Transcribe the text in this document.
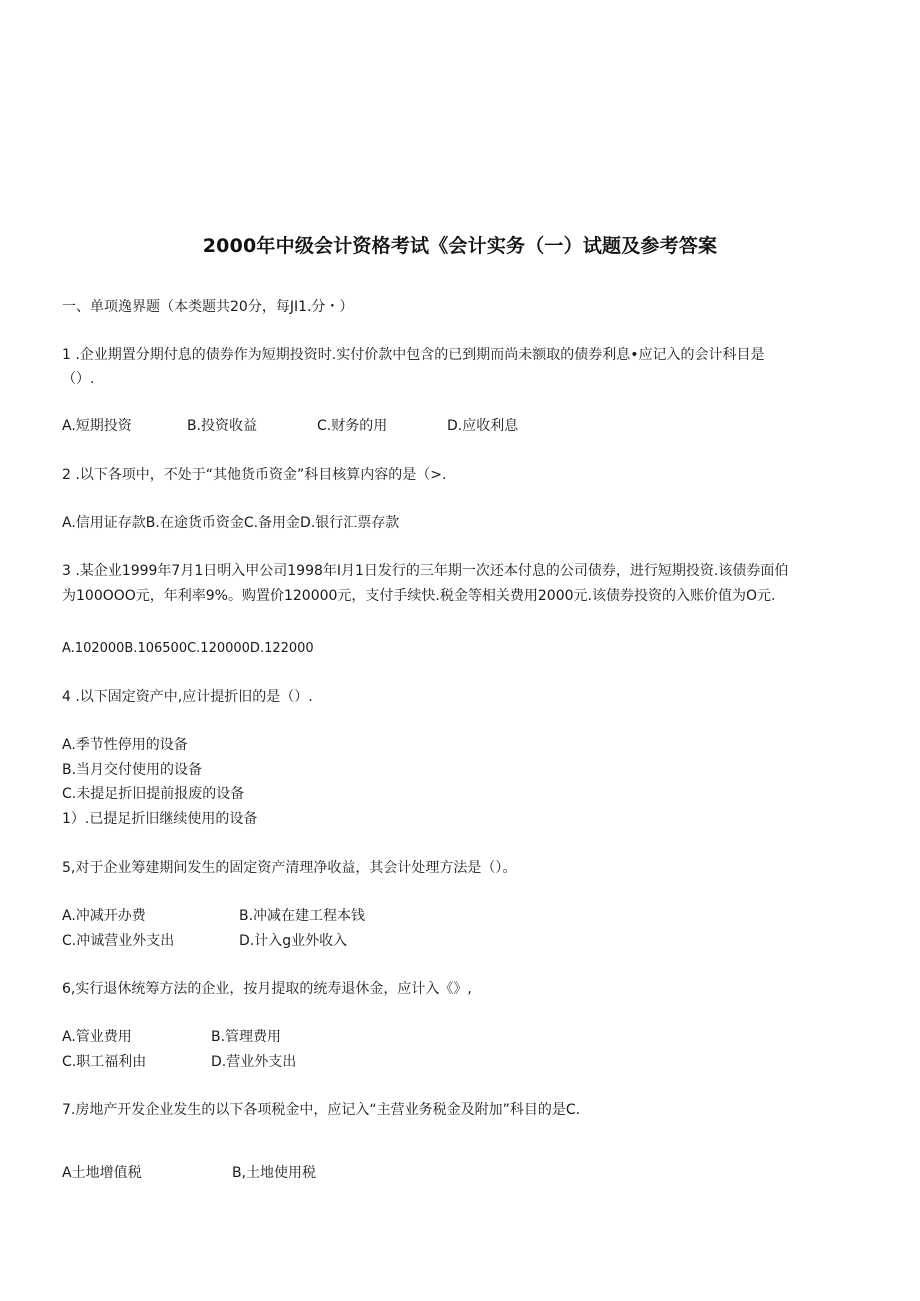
2000年中级会计资格考试《会计实务（一）试题及参考答案
一、单项逸界题（本类题共20分，每JI1.分・）
1 .企业期置分期付息的债券作为短期投资时.实付价款中包含的已到期而尚未额取的债券利息•应记入的会计科目是
（）.
A.短期投资	B.投资收益	C.财务的用	D.应收利息
2 .以下各项中，不处于“其他货币资金”科目核算内容的是（>.
A.信用证存款B.在途货币资金C.备用金D.银行汇票存款
3 .某企业1999年7月1日明入甲公司1998年I月1日发行的三年期一次还本付息的公司债券，进行短期投资.该债券面伯
为100OOO元，年利率9%。购置价120000元，支付手续快.税金等相关费用2000元.该债券投资的入账价值为O元.
A.102000B.106500C.120000D.122000
4 .以下固定资产中,应计提折旧的是（）.
A.季节性停用的设备
B.当月交付使用的设备
C.未提足折旧提前报废的设备
1）.已提足折旧继续使用的设备
5,对于企业筹建期间发生的固定资产清理净收益，其会计处理方法是（）。
A.冲减开办费	B.冲减在建工程本钱
C.冲诚营业外支出	D.计入g业外收入
6,实行退休统筹方法的企业，按月提取的统寿退休金，应计入《》,
A.管业费用	B.管理费用
C.职工福利由	D.营业外支出
7.房地产开发企业发生的以下各项税金中，应记入“主营业务税金及附加”科目的是C.
A土地增值税	B,土地使用税
